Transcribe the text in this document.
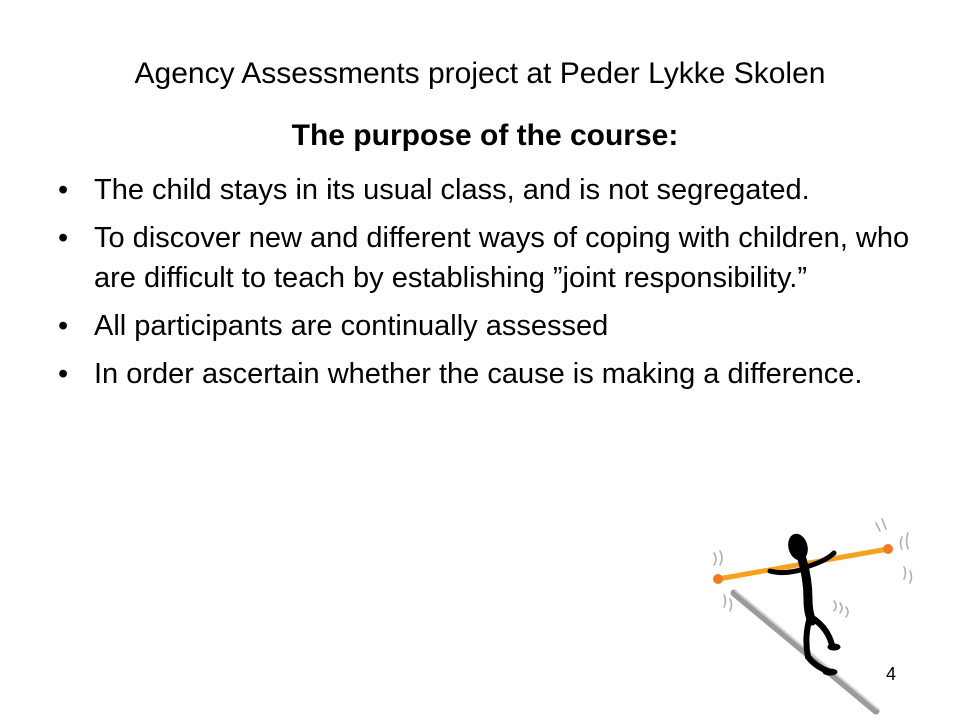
Agency Assessments project at Peder Lykke Skolen
The purpose of the course:
• The child stays in its usual class, and is not segregated.
• To discover new and different ways of coping with children, who are difficult to teach by establishing ”joint responsibility.”
• All participants are continually assessed
• In order ascertain whether the cause is making a difference.
4
